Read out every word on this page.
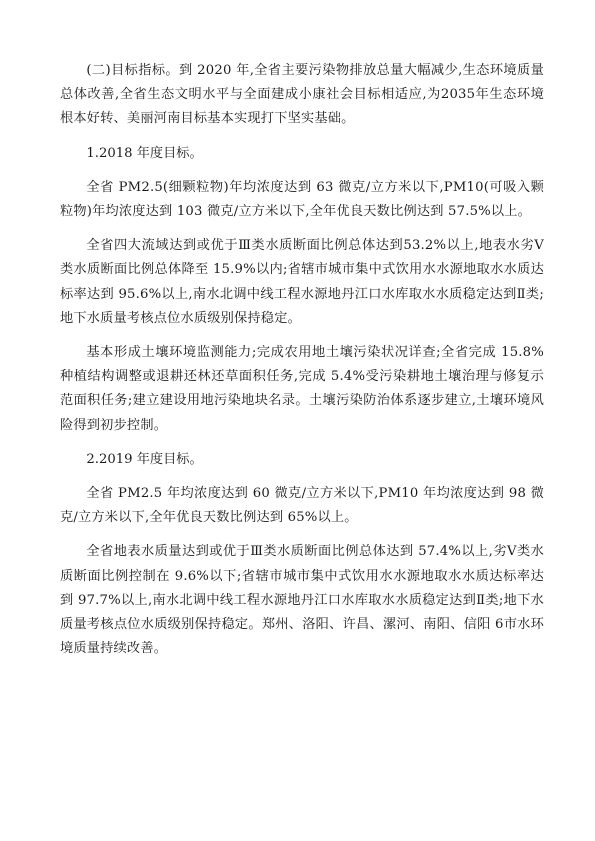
(二)目标指标。到 2020 年,全省主要污染物排放总量大幅减少,生态环境质量总体改善,全省生态文明水平与全面建成小康社会目标相适应,为2035年生态环境根本好转、美丽河南目标基本实现打下坚实基础。

1.2018 年度目标。

全省 PM2.5(细颗粒物)年均浓度达到 63 微克/立方米以下,PM10(可吸入颗粒物)年均浓度达到 103 微克/立方米以下,全年优良天数比例达到 57.5%以上。

全省四大流域达到或优于Ⅲ类水质断面比例总体达到53.2%以上,地表水劣Ⅴ类水质断面比例总体降至 15.9%以内;省辖市城市集中式饮用水水源地取水水质达标率达到 95.6%以上,南水北调中线工程水源地丹江口水库取水水质稳定达到Ⅱ类;地下水质量考核点位水质级别保持稳定。

基本形成土壤环境监测能力;完成农用地土壤污染状况详查;全省完成 15.8%种植结构调整或退耕还林还草面积任务,完成 5.4%受污染耕地土壤治理与修复示范面积任务;建立建设用地污染地块名录。土壤污染防治体系逐步建立,土壤环境风险得到初步控制。

2.2019 年度目标。

全省 PM2.5 年均浓度达到 60 微克/立方米以下,PM10 年均浓度达到 98 微克/立方米以下,全年优良天数比例达到 65%以上。

全省地表水质量达到或优于Ⅲ类水质断面比例总体达到 57.4%以上,劣Ⅴ类水质断面比例控制在 9.6%以下;省辖市城市集中式饮用水水源地取水水质达标率达到 97.7%以上,南水北调中线工程水源地丹江口水库取水水质稳定达到Ⅱ类;地下水质量考核点位水质级别保持稳定。郑州、洛阳、许昌、漯河、南阳、信阳 6市水环境质量持续改善。
